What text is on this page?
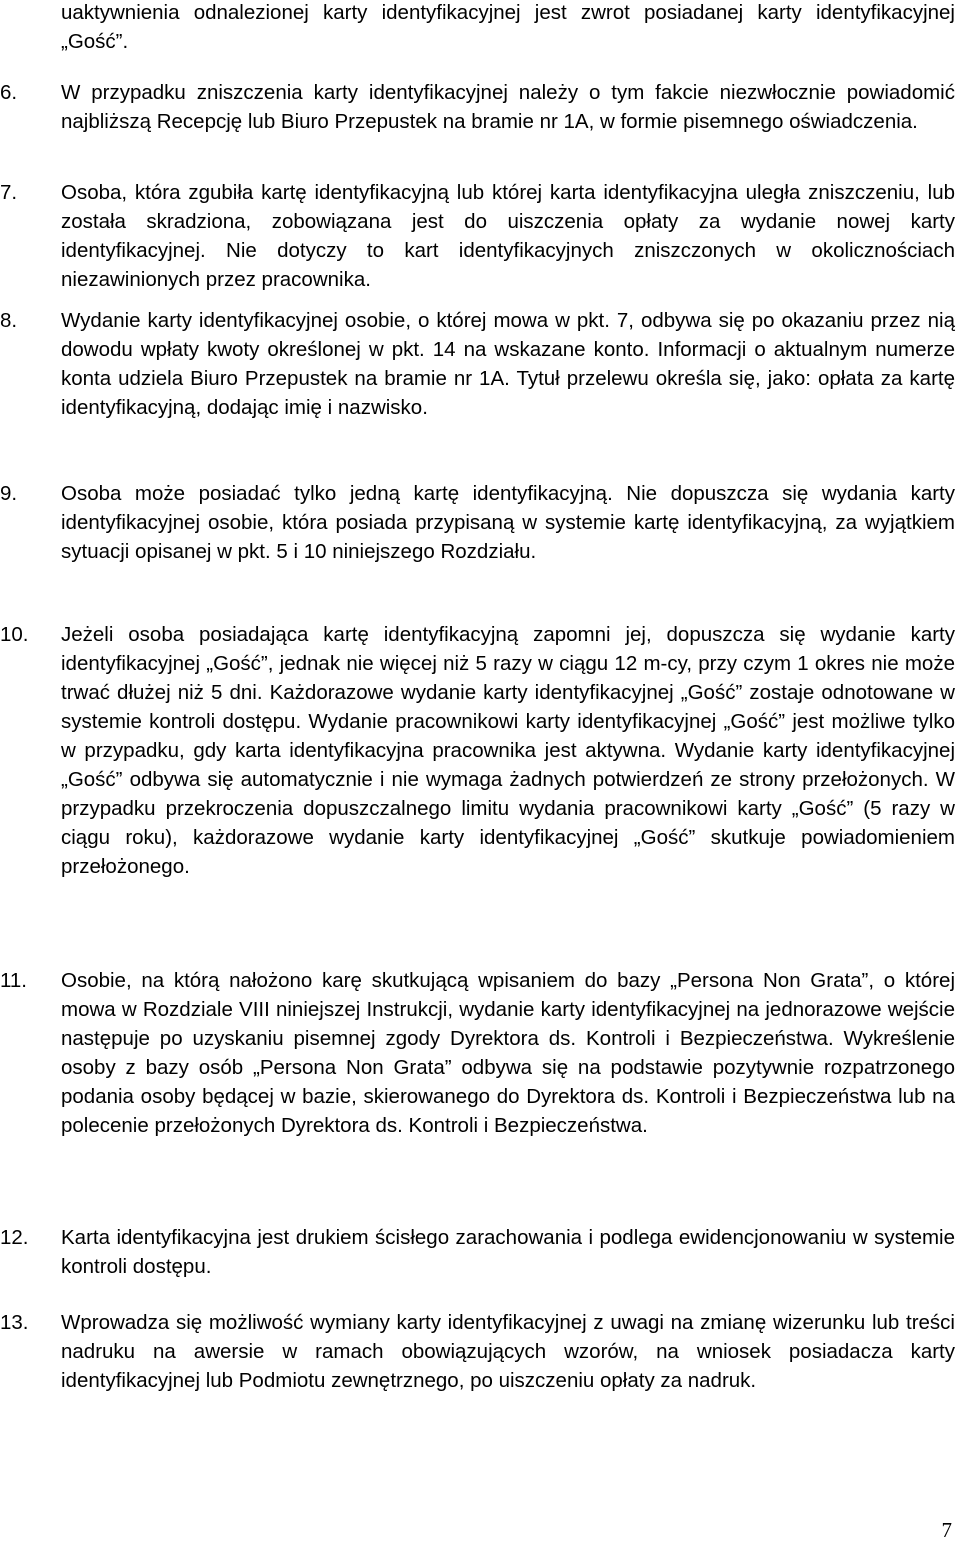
uaktywnienia odnalezionej karty identyfikacyjnej jest zwrot posiadanej karty identyfikacyjnej „Gość”.
6. W przypadku zniszczenia karty identyfikacyjnej należy o tym fakcie niezwłocznie powiadomić najbliższą Recepcję lub Biuro Przepustek na bramie nr 1A, w formie pisemnego oświadczenia.
7. Osoba, która zgubiła kartę identyfikacyjną lub której karta identyfikacyjna uległa zniszczeniu, lub została skradziona, zobowiązana jest do uiszczenia opłaty za wydanie nowej karty identyfikacyjnej. Nie dotyczy to kart identyfikacyjnych zniszczonych w okolicznościach niezawinionych przez pracownika.
8. Wydanie karty identyfikacyjnej osobie, o której mowa w pkt. 7, odbywa się po okazaniu przez nią dowodu wpłaty kwoty określonej w pkt. 14 na wskazane konto. Informacji o aktualnym numerze konta udziela Biuro Przepustek na bramie nr 1A. Tytuł przelewu określa się, jako: opłata za kartę identyfikacyjną, dodając imię i nazwisko.
9. Osoba może posiadać tylko jedną kartę identyfikacyjną. Nie dopuszcza się wydania karty identyfikacyjnej osobie, która posiada przypisaną w systemie kartę identyfikacyjną, za wyjątkiem sytuacji opisanej w pkt. 5 i 10 niniejszego Rozdziału.
10. Jeżeli osoba posiadająca kartę identyfikacyjną zapomni jej, dopuszcza się wydanie karty identyfikacyjnej „Gość”, jednak nie więcej niż 5 razy w ciągu 12 m-cy, przy czym 1 okres nie może trwać dłużej niż 5 dni. Każdorazowe wydanie karty identyfikacyjnej „Gość” zostaje odnotowane w systemie kontroli dostępu. Wydanie pracownikowi karty identyfikacyjnej „Gość” jest możliwe tylko w przypadku, gdy karta identyfikacyjna pracownika jest aktywna. Wydanie karty identyfikacyjnej „Gość” odbywa się automatycznie i nie wymaga żadnych potwierdzeń ze strony przełożonych. W przypadku przekroczenia dopuszczalnego limitu wydania pracownikowi karty „Gość” (5 razy w ciągu roku), każdorazowe wydanie karty identyfikacyjnej „Gość” skutkuje powiadomieniem przełożonego.
11. Osobie, na którą nałożono karę skutkującą wpisaniem do bazy „Persona Non Grata”, o której mowa w Rozdziale VIII niniejszej Instrukcji, wydanie karty identyfikacyjnej na jednorazowe wejście następuje po uzyskaniu pisemnej zgody Dyrektora ds. Kontroli i Bezpieczeństwa. Wykreślenie osoby z bazy osób „Persona Non Grata” odbywa się na podstawie pozytywnie rozpatrzonego podania osoby będącej w bazie, skierowanego do Dyrektora ds. Kontroli i Bezpieczeństwa lub na polecenie przełożonych Dyrektora ds. Kontroli i Bezpieczeństwa.
12. Karta identyfikacyjna jest drukiem ścisłego zarachowania i podlega ewidencjonowaniu w systemie kontroli dostępu.
13. Wprowadza się możliwość wymiany karty identyfikacyjnej z uwagi na zmianę wizerunku lub treści nadruku na awersie w ramach obowiązujących wzorów, na wniosek posiadacza karty identyfikacyjnej lub Podmiotu zewnętrznego, po uiszczeniu opłaty za nadruk.
7
